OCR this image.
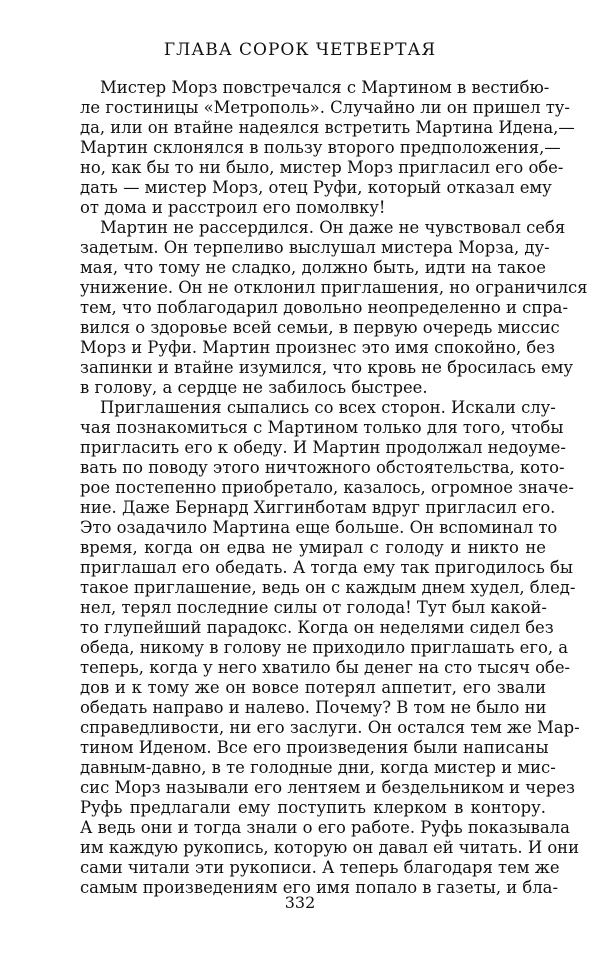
ГЛАВА СОРОК ЧЕТВЕРТАЯ
Мистер Морз повстречался с Мартином в вестибю-
ле гостиницы «Метрополь». Случайно ли он пришел ту-
да, или он втайне надеялся встретить Мартина Идена,—
Мартин склонялся в пользу второго предположения,—
но, как бы то ни было, мистер Морз пригласил его обе-
дать — мистер Морз, отец Руфи, который отказал ему
от дома и расстроил его помолвку!
Мартин не рассердился. Он даже не чувствовал себя
задетым. Он терпеливо выслушал мистера Морза, ду-
мая, что тому не сладко, должно быть, идти на такое
унижение. Он не отклонил приглашения, но ограничился
тем, что поблагодарил довольно неопределенно и спра-
вился о здоровье всей семьи, в первую очередь миссис
Морз и Руфи. Мартин произнес это имя спокойно, без
запинки и втайне изумился, что кровь не бросилась ему
в голову, а сердце не забилось быстрее.
Приглашения сыпались со всех сторон. Искали слу-
чая познакомиться с Мартином только для того, чтобы
пригласить его к обеду. И Мартин продолжал недоуме-
вать по поводу этого ничтожного обстоятельства, кото-
рое постепенно приобретало, казалось, огромное значе-
ние. Даже Бернард Хиггинботам вдруг пригласил его.
Это озадачило Мартина еще больше. Он вспоминал то
время, когда он едва не умирал с голоду и никто не
приглашал его обедать. А тогда ему так пригодилось бы
такое приглашение, ведь он с каждым днем худел, блед-
нел, терял последние силы от голода! Тут был какой-
то глупейший парадокс. Когда он неделями сидел без
обеда, никому в голову не приходило приглашать его, а
теперь, когда у него хватило бы денег на сто тысяч обе-
дов и к тому же он вовсе потерял аппетит, его звали
обедать направо и налево. Почему? В том не было ни
справедливости, ни его заслуги. Он остался тем же Мар-
тином Иденом. Все его произведения были написаны
давным-давно, в те голодные дни, когда мистер и мис-
сис Морз называли его лентяем и бездельником и через
Руфь предлагали ему поступить клерком в контору.
А ведь они и тогда знали о его работе. Руфь показывала
им каждую рукопись, которую он давал ей читать. И они
сами читали эти рукописи. А теперь благодаря тем же
самым произведениям его имя попало в газеты, и бла-
332
